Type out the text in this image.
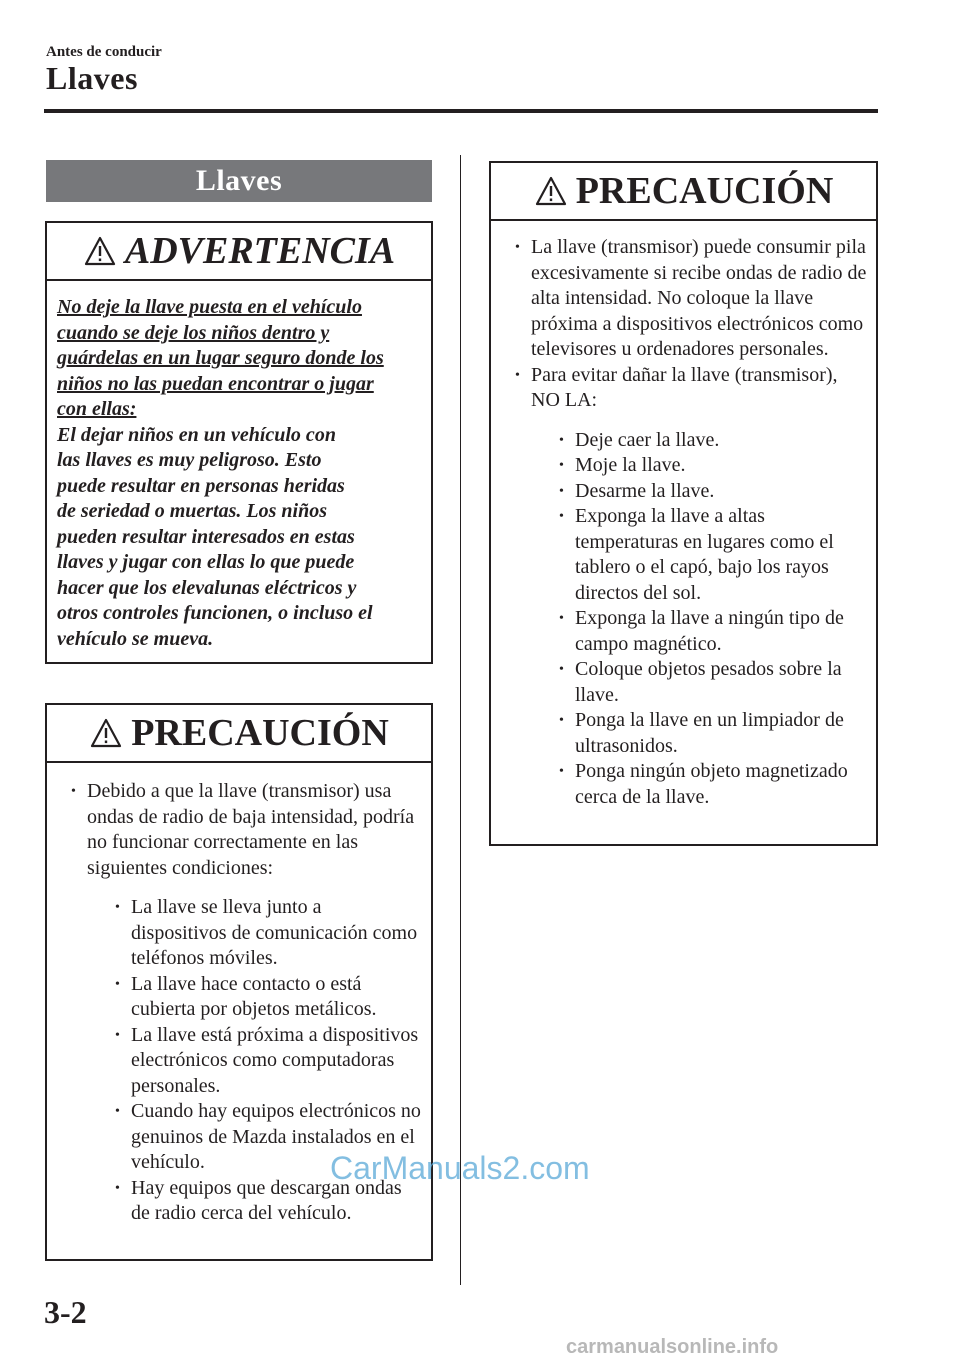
Antes de conducir
Llaves
Llaves
ADVERTENCIA
No deje la llave puesta en el vehículo
cuando se deje los niños dentro y
guárdelas en un lugar seguro donde los
niños no las puedan encontrar o jugar
con ellas:
El dejar niños en un vehículo con
las llaves es muy peligroso. Esto
puede resultar en personas heridas
de seriedad o muertas. Los niños
pueden resultar interesados en estas
llaves y jugar con ellas lo que puede
hacer que los elevalunas eléctricos y
otros controles funcionen, o incluso el
vehículo se mueva.
PRECAUCIÓN
• Debido a que la llave (transmisor) usa ondas de radio de baja intensidad, podría no funcionar correctamente en las siguientes condiciones:
• La llave se lleva junto a dispositivos de comunicación como teléfonos móviles.
• La llave hace contacto o está cubierta por objetos metálicos.
• La llave está próxima a dispositivos electrónicos como computadoras personales.
• Cuando hay equipos electrónicos no genuinos de Mazda instalados en el vehículo.
• Hay equipos que descargan ondas de radio cerca del vehículo.
PRECAUCIÓN
• La llave (transmisor) puede consumir pila excesivamente si recibe ondas de radio de alta intensidad. No coloque la llave próxima a dispositivos electrónicos como televisores u ordenadores personales.
• Para evitar dañar la llave (transmisor), NO LA:
• Deje caer la llave.
• Moje la llave.
• Desarme la llave.
• Exponga la llave a altas temperaturas en lugares como el tablero o el capó, bajo los rayos directos del sol.
• Exponga la llave a ningún tipo de campo magnético.
• Coloque objetos pesados sobre la llave.
• Ponga la llave en un limpiador de ultrasonidos.
• Ponga ningún objeto magnetizado cerca de la llave.
3-2
CarManuals2.com
carmanualsonline.info
